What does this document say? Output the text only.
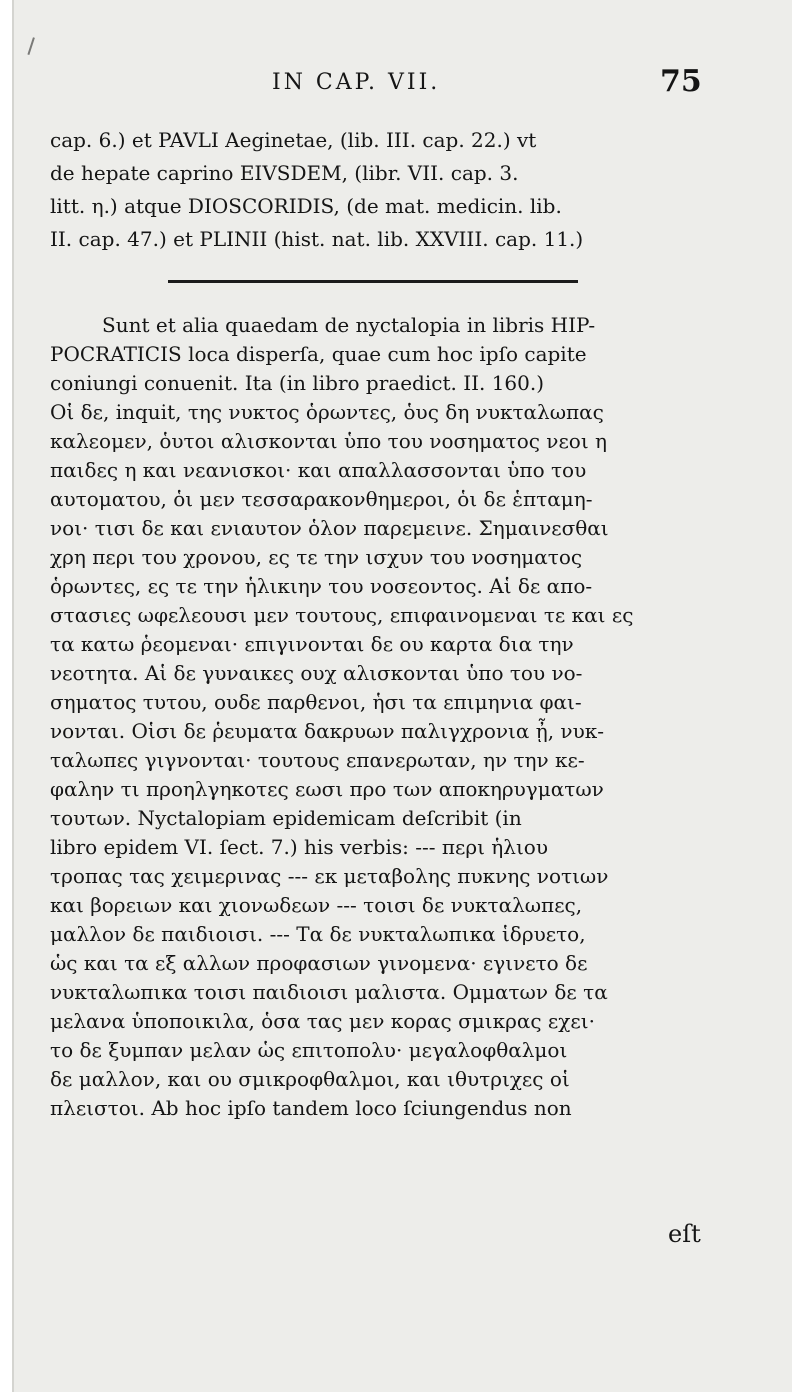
IN CAP. VII.	75
cap. 6.) et PAVLI Aeginetae, (lib. III. cap. 22.) vt
de hepate caprino EIVSDEM, (libr. VII. cap. 3.
litt. η.) atque DIOSCORIDIS, (de mat. medicin. lib.
II. cap. 47.) et PLINII (hist. nat. lib. XXVIII. cap. 11.)
Sunt et alia quaedam de nyctalopia in libris HIP-
POCRATICIS loca disperſa, quae cum hoc ipſo capite
coniungi conuenit. Ita (in libro praedict. II. 160.)
Οἱ δε, inquit, της νυκτος ὁρωντες, ὁυς δη νυκταλωπας
καλεομεν, ὁυτοι αλισκονται ὑπο του νοσηματος νεοι η
παιδες η και νεανισκοι· και απαλλασσονται ὑπο του
αυτοματου, ὁι μεν τεσσαρακονθημεροι, ὁι δε ἑπταμη-
νοι· τισι δε και ενιαυτον ὁλον παρεμεινε. Σημαινεσθαι
χρη περι του χρονου, ες τε την ισχυν του νοσηματος
ὁρωντες, ες τε την ἡλικιην του νοσεοντος. Αἱ δε απο-
στασιες ωφελεουσι μεν τουτους, επιφαινομεναι τε και ες
τα κατω ῥεομεναι· επιγινονται δε ου καρτα δια την
νεοτητα. Αἱ δε γυναικες ουχ αλισκονται ὑπο του νο-
σηματος τυτου, ουδε παρθενοι, ἡσι τα επιμηνια φαι-
νονται. Οἱσι δε ῥευματα δακρυων παλιγχρονια ᾖ, νυκ-
ταλωπες γιγνονται· τουτους επανερωταν, ην την κε-
φαλην τι προηλγηκοτες εωσι προ των αποκηρυγματων
τουτων. Nyctalopiam epidemicam deſcribit (in
libro epidem VI. ſect. 7.) his verbis: --- περι ἡλιου
τροπας τας χειμερινας --- εκ μεταβολης πυκνης νοτιων
και βορειων και χιονωδεων --- τοισι δε νυκταλωπες,
μαλλον δε παιδιοισι. --- Τα δε νυκταλωπικα ἱδρυετο,
ὡς και τα εξ αλλων προφασιων γινομενα· εγινετο δε
νυκταλωπικα τοισι παιδιοισι μαλιστα. Ομματων δε τα
μελανα ὑποποικιλα, ὁσα τας μεν κορας σμικρας εχει·
το δε ξυμπαν μελαν ὡς επιτοπολυ· μεγαλοφθαλμοι
δε μαλλον, και ου σμικροφθαλμοι, και ιθυτριχες οἱ
πλειστοι. Ab hoc ipſo tandem loco ſciungendus non
eſt
